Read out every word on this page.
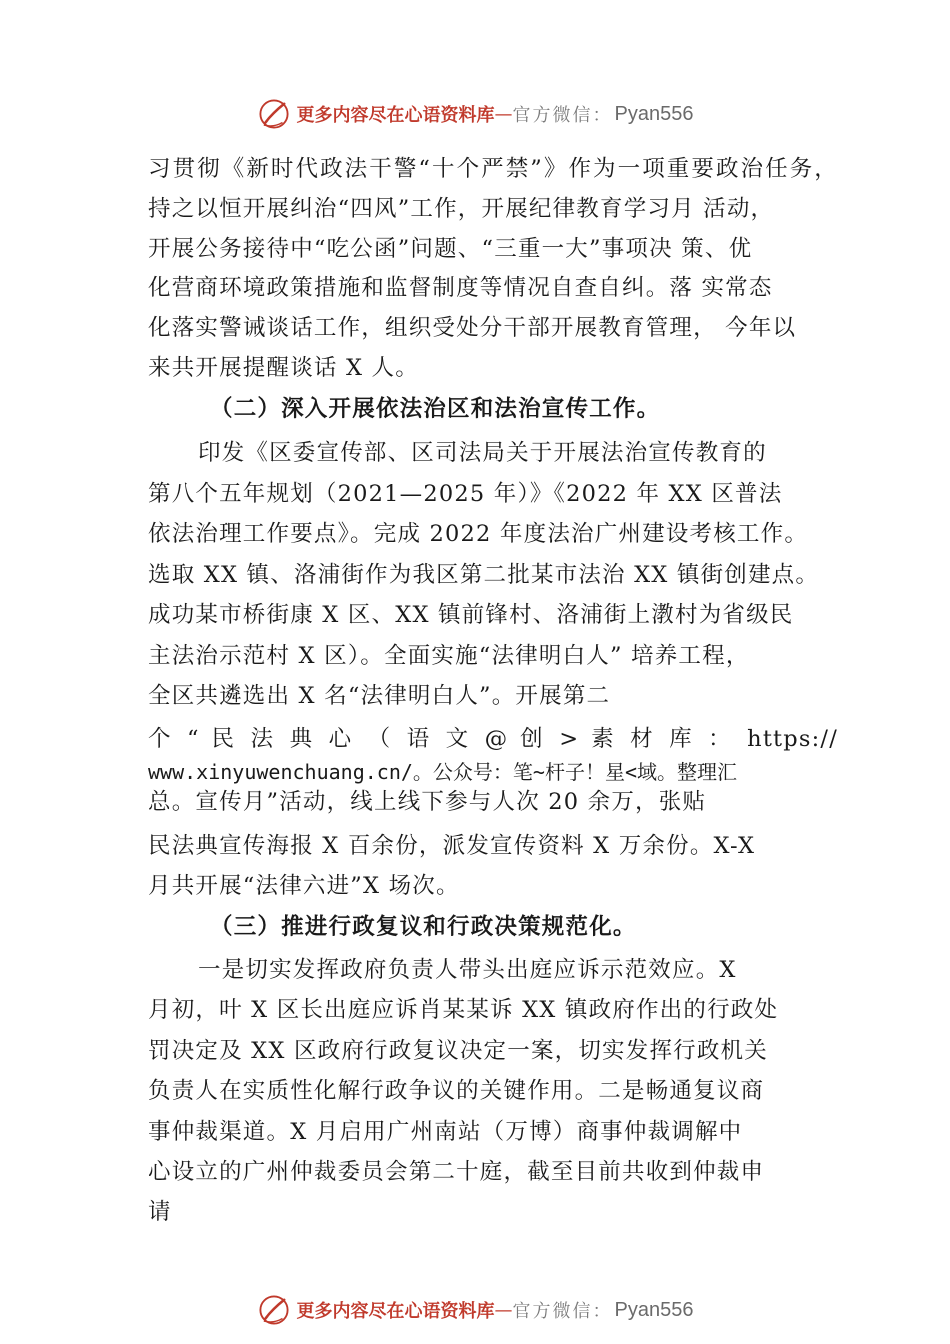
更多内容尽在心语资料库 — 官方微信： Pyan556
习贯彻《新时代政法干警“十个严禁”》作为一项重要政治任务，
持之以恒开展纠治“四风”工作，开展纪律教育学习月 活动，
开展公务接待中“吃公函”问题、“三重一大”事项决 策、优
化营商环境政策措施和监督制度等情况自查自纠。落 实常态
化落实警诫谈话工作，组织受处分干部开展教育管理， 今年以
来共开展提醒谈话 X 人。
（二）深入开展依法治区和法治宣传工作。
印发《区委宣传部、区司法局关于开展法治宣传教育的
第八个五年规划（2021—2025 年）》《2022 年 XX 区普法
依法治理工作要点》。完成 2022 年度法治广州建设考核工作。
选取 XX 镇、洛浦街作为我区第二批某市法治 XX 镇街创建点。
成功某市桥街康 X 区、XX 镇前锋村、洛浦街上漖村为省级民
主法治示范村 X 区）。全面实施“法律明白人” 培养工程，
全区共遴选出 X 名“法律明白人”。开展第二
个 “ 民 法 典 心 （ 语 文 @ 创 > 素 材 库 ： https://
www.xinyuwenchuang.cn/。公众号：笔~杆子！星<域。整理汇
总。宣传月”活动，线上线下参与人次 20 余万，张贴
民法典宣传海报 X 百余份，派发宣传资料 X 万余份。X-X
月共开展“法律六进”X 场次。
（三）推进行政复议和行政决策规范化。
一是切实发挥政府负责人带头出庭应诉示范效应。X
月初，叶 X 区长出庭应诉肖某某诉 XX 镇政府作出的行政处
罚决定及 XX 区政府行政复议决定一案，切实发挥行政机关
负责人在实质性化解行政争议的关键作用。二是畅通复议商
事仲裁渠道。X 月启用广州南站（万博）商事仲裁调解中
心设立的广州仲裁委员会第二十庭，截至目前共收到仲裁申
请
更多内容尽在心语资料库 — 官方微信： Pyan556
